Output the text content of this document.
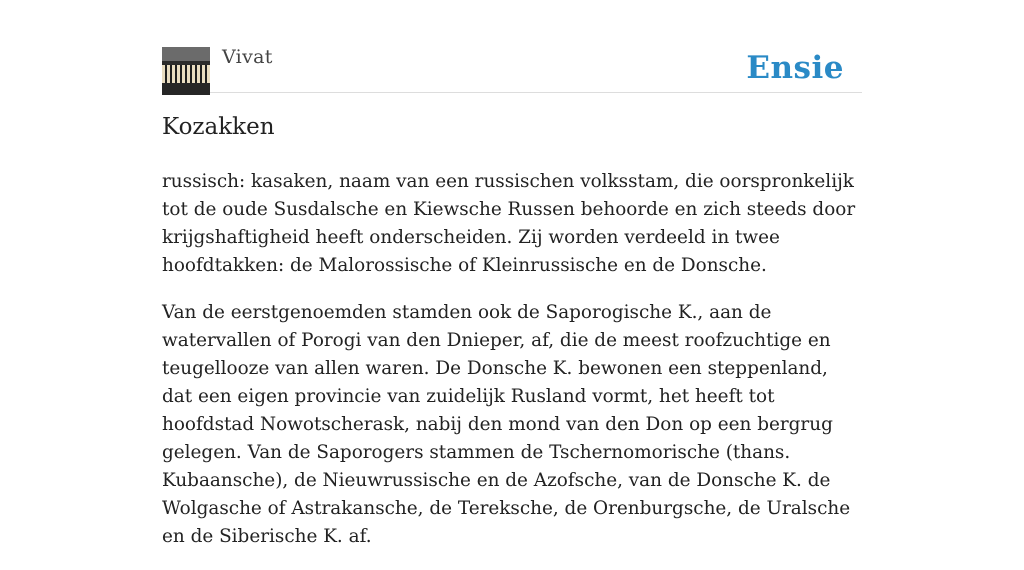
Vivat	Ensie
Kozakken

russisch: kasaken, naam van een russischen volksstam, die oorspronkelijk tot de oude Susdalsche en Kiewsche Russen behoorde en zich steeds door krijgshaftigheid heeft onderscheiden. Zij worden verdeeld in twee hoofdtakken: de Malorossische of Kleinrussische en de Donsche.

Van de eerstgenoemden stamden ook de Saporogische K., aan de watervallen of Porogi van den Dnieper, af, die de meest roofzuchtige en teugellooze van allen waren. De Donsche K. bewonen een steppenland, dat een eigen provincie van zuidelijk Rusland vormt, het heeft tot hoofdstad Nowotscherask, nabij den mond van den Don op een bergrug gelegen. Van de Saporogers stammen de Tschernomorische (thans. Kubaansche), de Nieuwrussische en de Azofsche, van de Donsche K. de Wolgasche of Astrakansche, de Tereksche, de Orenburgsche, de Uralsche en de Siberische K. af.
